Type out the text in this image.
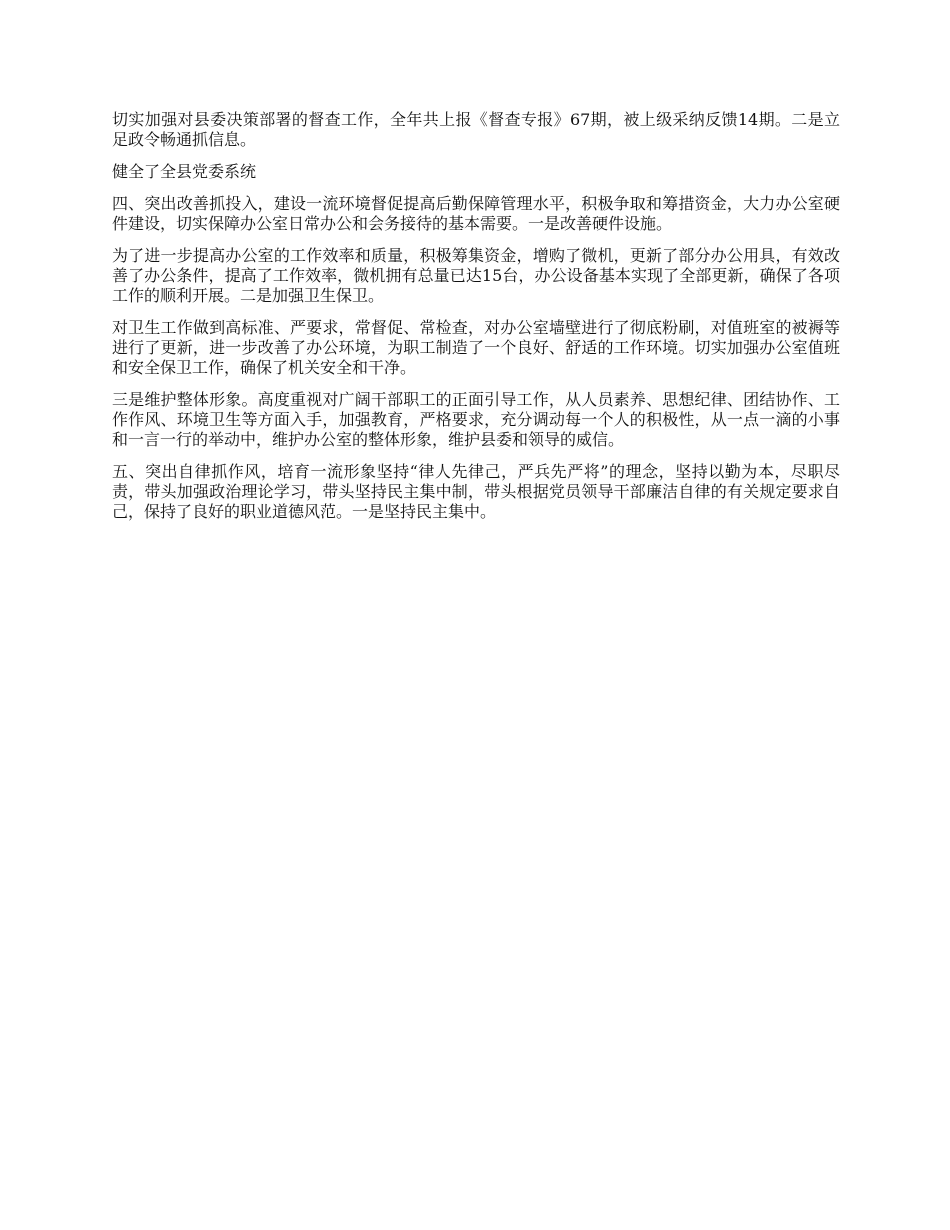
切实加强对县委决策部署的督查工作，全年共上报《督查专报》67期，被上级采纳反馈14期。二是立足政令畅通抓信息。

健全了全县党委系统

四、突出改善抓投入，建设一流环境督促提高后勤保障管理水平，积极争取和筹措资金，大力办公室硬件建设，切实保障办公室日常办公和会务接待的基本需要。一是改善硬件设施。

为了进一步提高办公室的工作效率和质量，积极筹集资金，增购了微机，更新了部分办公用具，有效改善了办公条件，提高了工作效率，微机拥有总量已达15台，办公设备基本实现了全部更新，确保了各项工作的顺利开展。二是加强卫生保卫。

对卫生工作做到高标准、严要求，常督促、常检查，对办公室墙壁进行了彻底粉刷，对值班室的被褥等进行了更新，进一步改善了办公环境，为职工制造了一个良好、舒适的工作环境。切实加强办公室值班和安全保卫工作，确保了机关安全和干净。

三是维护整体形象。高度重视对广阔干部职工的正面引导工作，从人员素养、思想纪律、团结协作、工作作风、环境卫生等方面入手，加强教育，严格要求，充分调动每一个人的积极性，从一点一滴的小事和一言一行的举动中，维护办公室的整体形象，维护县委和领导的威信。

五、突出自律抓作风，培育一流形象坚持“律人先律己，严兵先严将”的理念，坚持以勤为本，尽职尽责，带头加强政治理论学习，带头坚持民主集中制，带头根据党员领导干部廉洁自律的有关规定要求自己，保持了良好的职业道德风范。一是坚持民主集中。
